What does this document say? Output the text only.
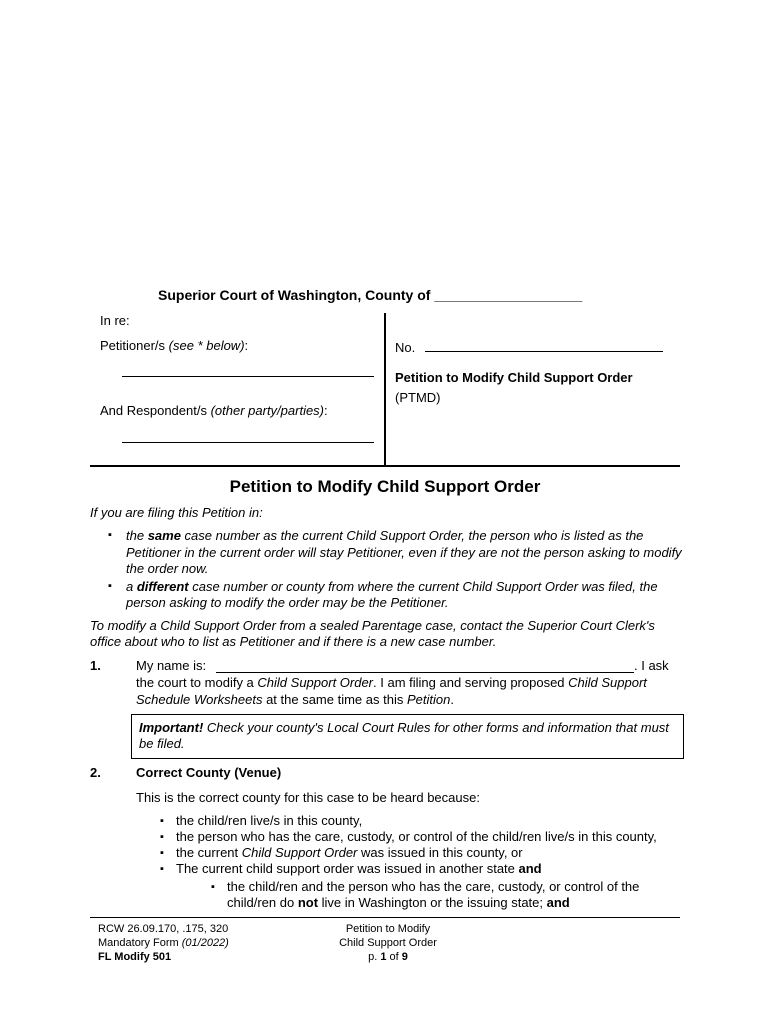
Superior Court of Washington, County of ___________________
In re:
Petitioner/s (see * below):
And Respondent/s (other party/parties):
No.
Petition to Modify Child Support Order
(PTMD)
Petition to Modify Child Support Order
If you are filing this Petition in:
▪ the same case number as the current Child Support Order, the person who is listed as the Petitioner in the current order will stay Petitioner, even if they are not the person asking to modify the order now.
▪ a different case number or county from where the current Child Support Order was filed, the person asking to modify the order may be the Petitioner.
To modify a Child Support Order from a sealed Parentage case, contact the Superior Court Clerk's office about who to list as Petitioner and if there is a new case number.
1.	My name is:	. I ask
the court to modify a Child Support Order. I am filing and serving proposed Child Support Schedule Worksheets at the same time as this Petition.
Important! Check your county's Local Court Rules for other forms and information that must be filed.
2.	Correct County (Venue)
This is the correct county for this case to be heard because:
▪ the child/ren live/s in this county,
▪ the person who has the care, custody, or control of the child/ren live/s in this county,
▪ the current Child Support Order was issued in this county, or
▪ The current child support order was issued in another state and
▪ the child/ren and the person who has the care, custody, or control of the child/ren do not live in Washington or the issuing state; and
RCW 26.09.170, .175, 320
Mandatory Form (01/2022)
FL Modify 501
Petition to Modify
Child Support Order
p. 1 of 9
